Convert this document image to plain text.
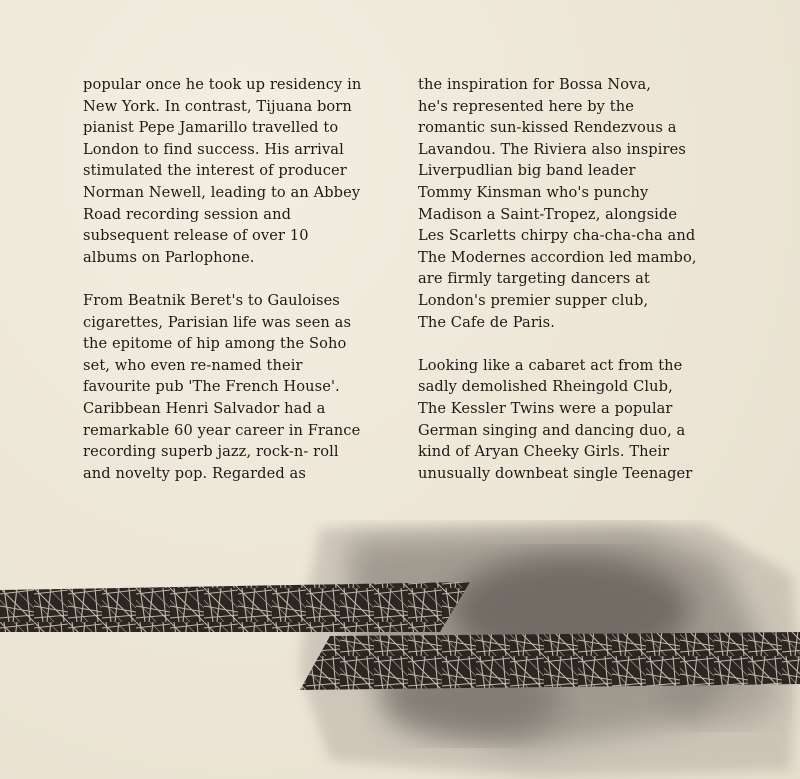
popular once he took up residency in
New York. In contrast, Tijuana born
pianist Pepe Jamarillo travelled to
London to find success. His arrival
stimulated the interest of producer
Norman Newell, leading to an Abbey
Road recording session and
subsequent release of over 10
albums on Parlophone.

From Beatnik Beret's to Gauloises
cigarettes, Parisian life was seen as
the epitome of hip among the Soho
set, who even re-named their
favourite pub 'The French House'.
Caribbean Henri Salvador had a
remarkable 60 year career in France
recording superb jazz, rock-n- roll
and novelty pop. Regarded as

the inspiration for Bossa Nova,
he's represented here by the
romantic sun-kissed Rendezvous a
Lavandou. The Riviera also inspires
Liverpudlian big band leader
Tommy Kinsman who's punchy
Madison a Saint-Tropez, alongside
Les Scarletts chirpy cha-cha-cha and
The Modernes accordion led mambo,
are firmly targeting dancers at
London's premier supper club,
The Cafe de Paris.

Looking like a cabaret act from the
sadly demolished Rheingold Club,
The Kessler Twins were a popular
German singing and dancing duo, a
kind of Aryan Cheeky Girls. Their
unusually downbeat single Teenager
